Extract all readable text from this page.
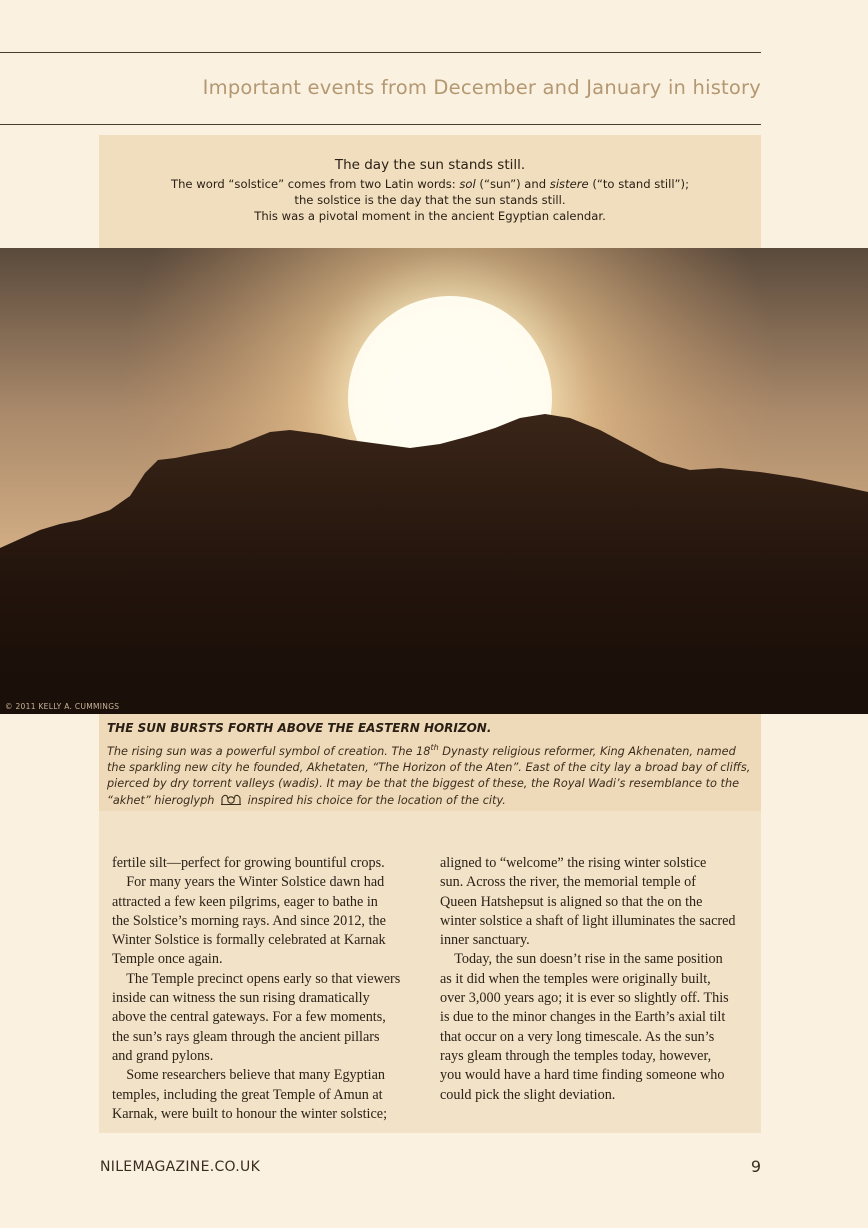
Important events from December and January in history
The day the sun stands still.
The word “solstice” comes from two Latin words: sol (“sun”) and sistere (“to stand still”);
the solstice is the day that the sun stands still.
This was a pivotal moment in the ancient Egyptian calendar.
© 2011 KELLY A. CUMMINGS
THE SUN BURSTS FORTH ABOVE THE EASTERN HORIZON.
The rising sun was a powerful symbol of creation. The 18th Dynasty religious reformer, King Akhenaten, named
the sparkling new city he founded, Akhetaten, “The Horizon of the Aten”. East of the city lay a broad bay of cliffs,
pierced by dry torrent valleys (wadis). It may be that the biggest of these, the Royal Wadi’s resemblance to the
“akhet” hieroglyph	inspired his choice for the location of the city.
fertile silt—perfect for growing bountiful crops.
 For many years the Winter Solstice dawn had
attracted a few keen pilgrims, eager to bathe in
the Solstice’s morning rays. And since 2012, the
Winter Solstice is formally celebrated at Karnak
Temple once again.
 The Temple precinct opens early so that viewers
inside can witness the sun rising dramatically
above the central gateways. For a few moments,
the sun’s rays gleam through the ancient pillars
and grand pylons.
 Some researchers believe that many Egyptian
temples, including the great Temple of Amun at
Karnak, were built to honour the winter solstice;
aligned to “welcome” the rising winter solstice
sun. Across the river, the memorial temple of
Queen Hatshepsut is aligned so that the on the
winter solstice a shaft of light illuminates the sacred
inner sanctuary.
 Today, the sun doesn’t rise in the same position
as it did when the temples were originally built,
over 3,000 years ago; it is ever so slightly off. This
is due to the minor changes in the Earth’s axial tilt
that occur on a very long timescale. As the sun’s
rays gleam through the temples today, however,
you would have a hard time finding someone who
could pick the slight deviation.
NILEMAGAZINE.CO.UK	9
